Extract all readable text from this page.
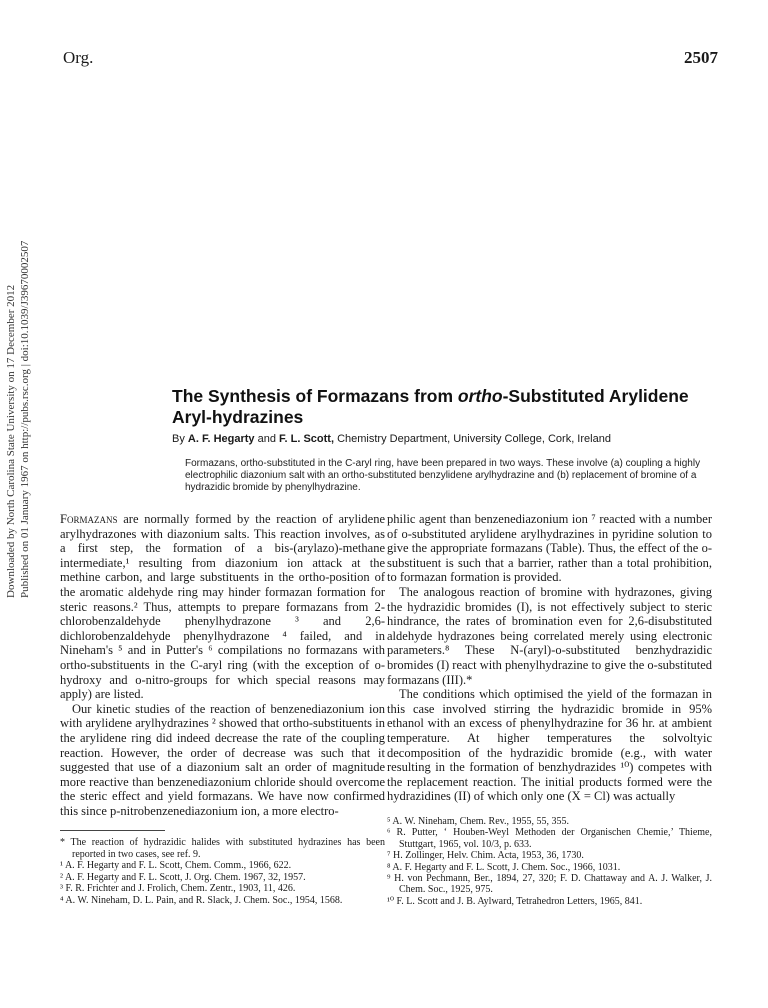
Org.	2507
Downloaded by North Carolina State University on 17 December 2012 Published on 01 January 1967 on http://pubs.rsc.org | doi:10.1039/J39670002507	The Synthesis of Formazans from ortho-Substituted Arylidene Aryl-hydrazines
By A. F. Hegarty and F. L. Scott, Chemistry Department, University College, Cork, Ireland
Formazans, ortho-substituted in the C-aryl ring, have been prepared in two ways. These involve (a) coupling a highly electrophilic diazonium salt with an ortho-substituted benzylidene arylhydrazine and (b) replacement of bromine of a hydrazidic bromide by phenylhydrazine.

Formazans are normally formed by the reaction of arylidene arylhydrazones with diazonium salts. This reaction involves, as a first step, the formation of a bis-(arylazo)-methane intermediate,¹ resulting from diazonium ion attack at the methine carbon, and large substituents in the ortho-position of the aromatic aldehyde ring may hinder formazan formation for steric reasons.² Thus, attempts to prepare formazans from 2-chlorobenzaldehyde phenylhydrazone ³ and 2,6-dichlorobenzaldehyde phenylhydrazone ⁴ failed, and in Nineham's ⁵ and in Putter's ⁶ compilations no formazans with ortho-substituents in the C-aryl ring (with the exception of o-hydroxy and o-nitro-groups for which special reasons may apply) are listed.

Our kinetic studies of the reaction of benzenediazonium ion with arylidene arylhydrazines ² showed that ortho-substituents in the arylidene ring did indeed decrease the rate of the coupling reaction. However, the order of decrease was such that it suggested that use of a diazonium salt an order of magnitude more reactive than benzenediazonium chloride should overcome the steric effect and yield formazans. We have now confirmed this since p-nitrobenzenediazonium ion, a more electro-

* The reaction of hydrazidic halides with substituted hydrazines has been reported in two cases, see ref. 9.

¹ A. F. Hegarty and F. L. Scott, Chem. Comm., 1966, 622.

² A. F. Hegarty and F. L. Scott, J. Org. Chem. 1967, 32, 1957.

³ F. R. Frichter and J. Frolich, Chem. Zentr., 1903, 11, 426.

⁴ A. W. Nineham, D. L. Pain, and R. Slack, J. Chem. Soc., 1954, 1568.

philic agent than benzenediazonium ion ⁷ reacted with a number of o-substituted arylidene arylhydrazines in pyridine solution to give the appropriate formazans (Table). Thus, the effect of the o-substituent is such that a barrier, rather than a total prohibition, to formazan formation is provided.

The analogous reaction of bromine with hydrazones, giving the hydrazidic bromides (I), is not effectively subject to steric hindrance, the rates of bromination even for 2,6-disubstituted aldehyde hydrazones being correlated merely using electronic parameters.⁸ These N-(aryl)-o-substituted benzhydrazidic bromides (I) react with phenylhydrazine to give the o-substituted formazans (III).*

The conditions which optimised the yield of the formazan in this case involved stirring the hydrazidic bromide in 95% ethanol with an excess of phenylhydrazine for 36 hr. at ambient temperature. At higher temperatures the solvoltyic decomposition of the hydrazidic bromide (e.g., with water resulting in the formation of benzhydrazides ¹⁰) competes with the replacement reaction. The initial products formed were the hydrazidines (II) of which only one (X = Cl) was actually

⁵ A. W. Nineham, Chem. Rev., 1955, 55, 355.

⁶ R. Putter, ‘ Houben-Weyl Methoden der Organischen Chemie,’ Thieme, Stuttgart, 1965, vol. 10/3, p. 633.

⁷ H. Zollinger, Helv. Chim. Acta, 1953, 36, 1730.

⁸ A. F. Hegarty and F. L. Scott, J. Chem. Soc., 1966, 1031.

⁹ H. von Pechmann, Ber., 1894, 27, 320; F. D. Chattaway and A. J. Walker, J. Chem. Soc., 1925, 975.

¹⁰ F. L. Scott and J. B. Aylward, Tetrahedron Letters, 1965, 841.
